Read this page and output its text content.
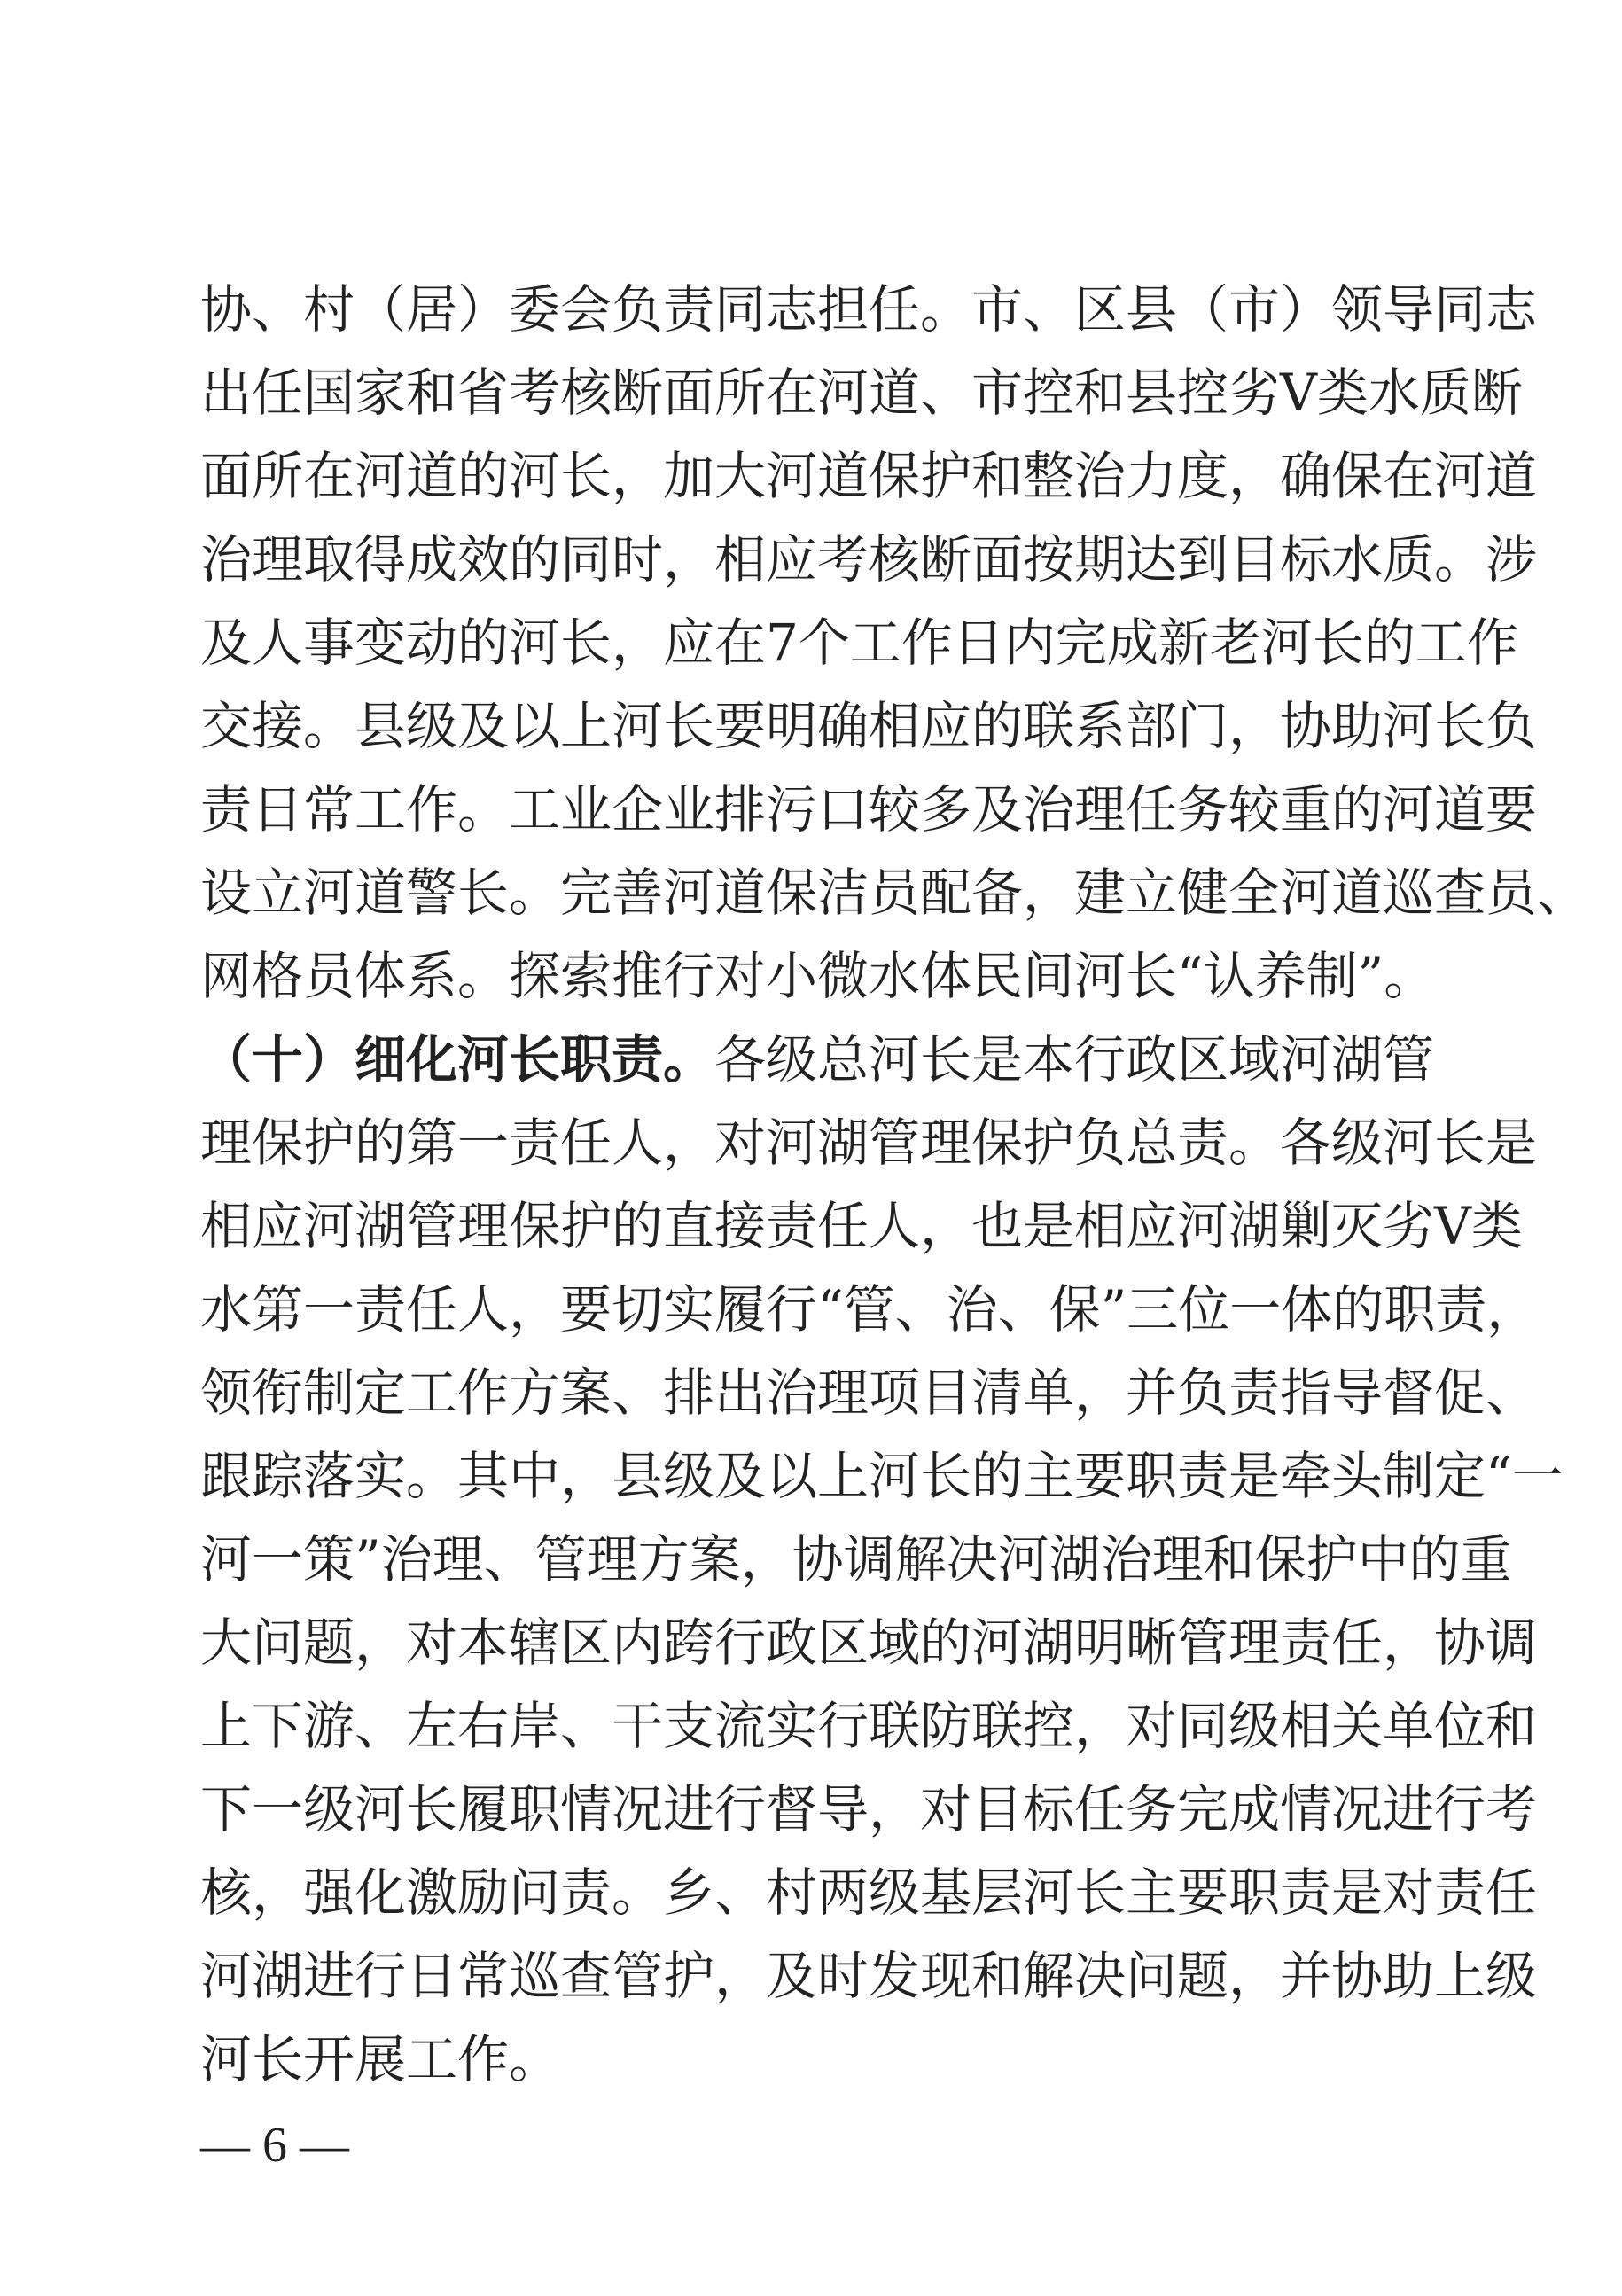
协、村（居）委会负责同志担任。市、区县（市）领导同志
出任国家和省考核断面所在河道、市控和县控劣V类水质断
面所在河道的河长，加大河道保护和整治力度，确保在河道
治理取得成效的同时，相应考核断面按期达到目标水质。涉
及人事变动的河长，应在7个工作日内完成新老河长的工作
交接。县级及以上河长要明确相应的联系部门，协助河长负
责日常工作。工业企业排污口较多及治理任务较重的河道要
设立河道警长。完善河道保洁员配备，建立健全河道巡查员、
网格员体系。探索推行对小微水体民间河长“认养制”。
（十）细化河长职责。各级总河长是本行政区域河湖管
理保护的第一责任人，对河湖管理保护负总责。各级河长是
相应河湖管理保护的直接责任人，也是相应河湖剿灭劣V类
水第一责任人，要切实履行“管、治、保”三位一体的职责，
领衔制定工作方案、排出治理项目清单，并负责指导督促、
跟踪落实。其中，县级及以上河长的主要职责是牵头制定“一
河一策”治理、管理方案，协调解决河湖治理和保护中的重
大问题，对本辖区内跨行政区域的河湖明晰管理责任，协调
上下游、左右岸、干支流实行联防联控，对同级相关单位和
下一级河长履职情况进行督导，对目标任务完成情况进行考
核，强化激励问责。乡、村两级基层河长主要职责是对责任
河湖进行日常巡查管护，及时发现和解决问题，并协助上级
河长开展工作。
— 6 —
